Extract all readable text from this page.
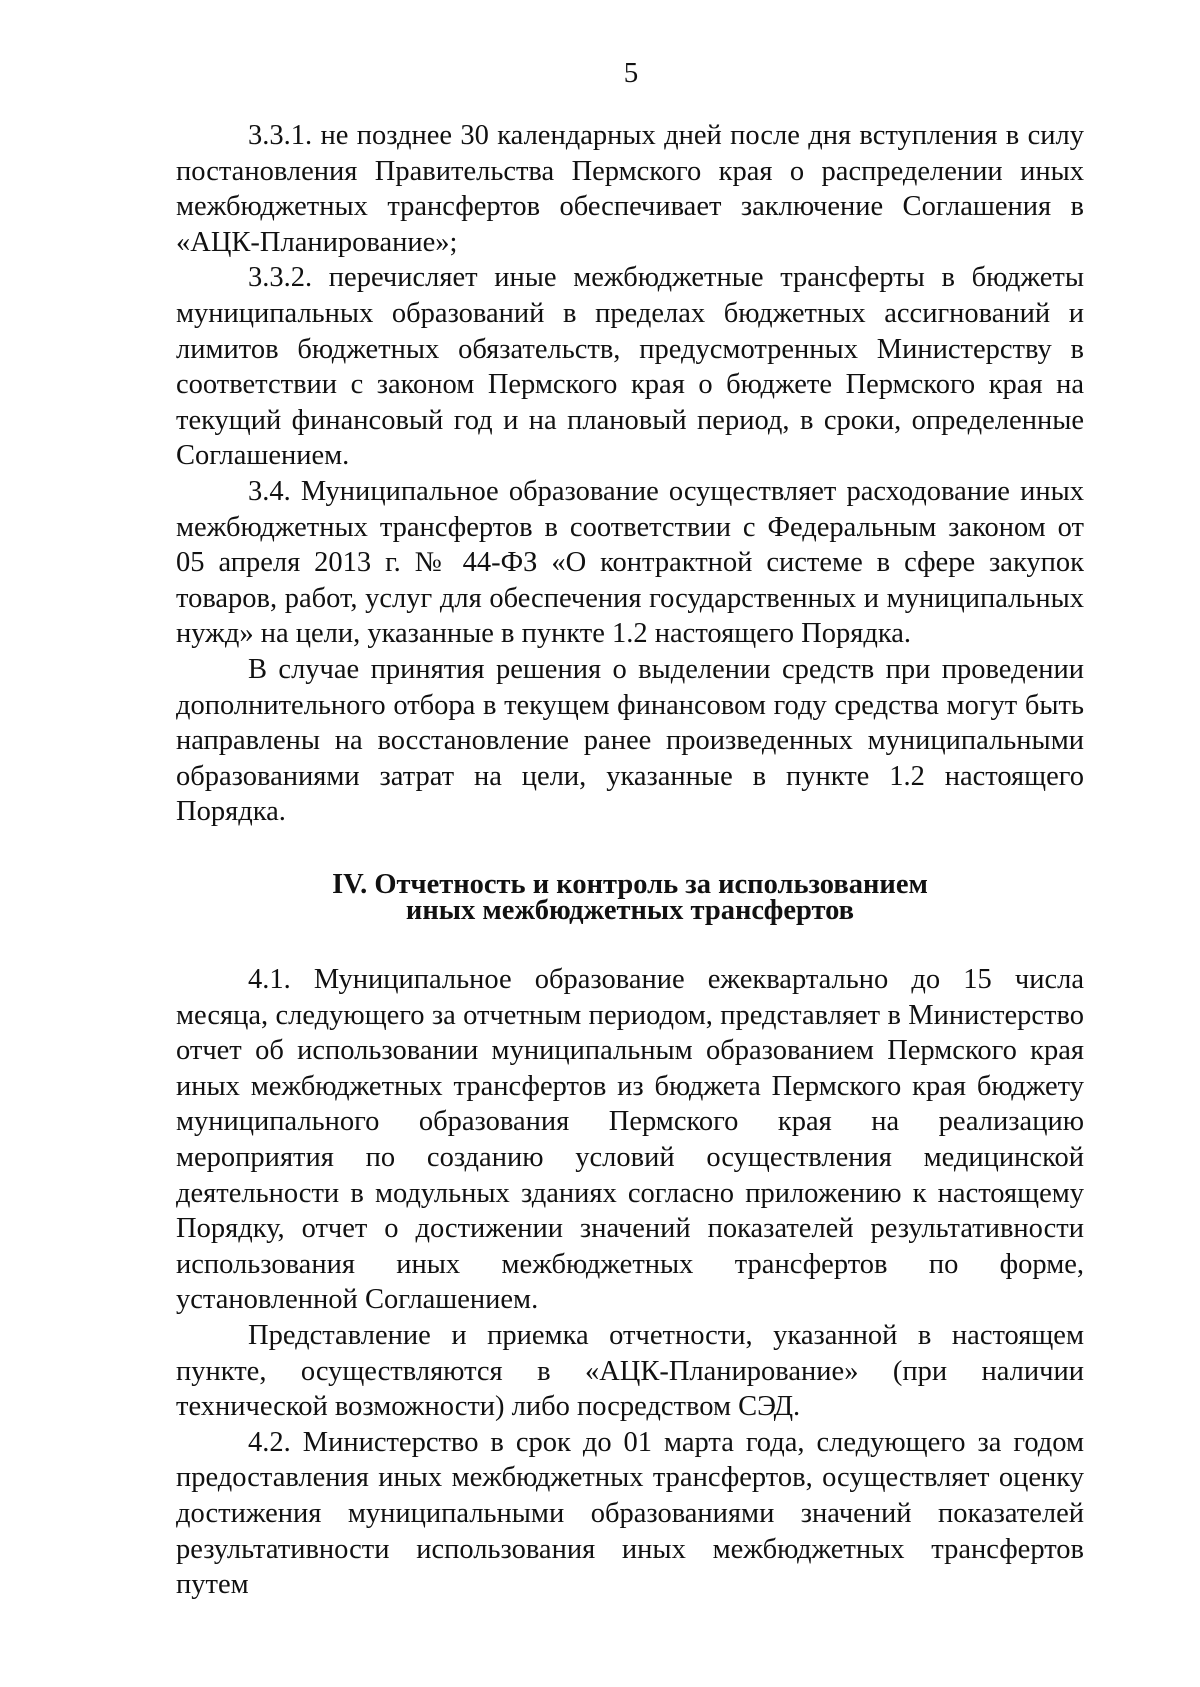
5

3.3.1. не позднее 30 календарных дней после дня вступления в силу постановления Правительства Пермского края о распределении иных межбюджетных трансфертов обеспечивает заключение Соглашения в «АЦК-Планирование»;

3.3.2. перечисляет иные межбюджетные трансферты в бюджеты муниципальных образований в пределах бюджетных ассигнований и лимитов бюджетных обязательств, предусмотренных Министерству в соответствии с законом Пермского края о бюджете Пермского края на текущий финансовый год и на плановый период, в сроки, определенные Соглашением.

3.4. Муниципальное образование осуществляет расходование иных межбюджетных трансфертов в соответствии с Федеральным законом от 05 апреля 2013 г. № 44-ФЗ «О контрактной системе в сфере закупок товаров, работ, услуг для обеспечения государственных и муниципальных нужд» на цели, указанные в пункте 1.2 настоящего Порядка.

В случае принятия решения о выделении средств при проведении дополнительного отбора в текущем финансовом году средства могут быть направлены на восстановление ранее произведенных муниципальными образованиями затрат на цели, указанные в пункте 1.2 настоящего Порядка.

IV. Отчетность и контроль за использованием
иных межбюджетных трансфертов

4.1. Муниципальное образование ежеквартально до 15 числа месяца, следующего за отчетным периодом, представляет в Министерство отчет об использовании муниципальным образованием Пермского края иных межбюджетных трансфертов из бюджета Пермского края бюджету муниципального образования Пермского края на реализацию мероприятия по созданию условий осуществления медицинской деятельности в модульных зданиях согласно приложению к настоящему Порядку, отчет о достижении значений показателей результативности использования иных межбюджетных трансфертов по форме, установленной Соглашением.

Представление и приемка отчетности, указанной в настоящем пункте, осуществляются в «АЦК-Планирование» (при наличии технической возможности) либо посредством СЭД.

4.2. Министерство в срок до 01 марта года, следующего за годом предоставления иных межбюджетных трансфертов, осуществляет оценку достижения муниципальными образованиями значений показателей результативности использования иных межбюджетных трансфертов путем
